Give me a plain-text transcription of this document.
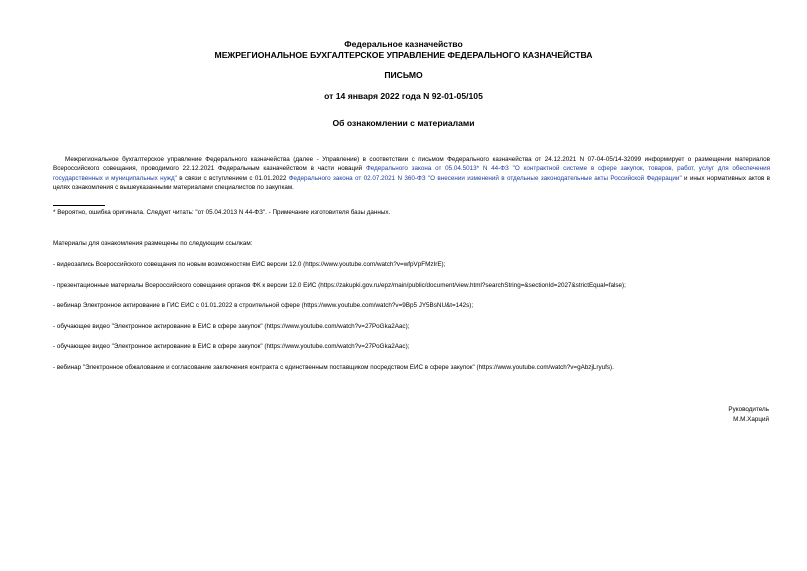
Федеральное казначейство
МЕЖРЕГИОНАЛЬНОЕ БУХГАЛТЕРСКОЕ УПРАВЛЕНИЕ ФЕДЕРАЛЬНОГО КАЗНАЧЕЙСТВА
ПИСЬМО
от 14 января 2022 года N 92-01-05/105
Об ознакомлении с материалами
Межрегиональное бухгалтерское управление Федерального казначейства (далее - Управление) в соответствии с письмом Федерального казначейства от 24.12.2021 N 07-04-05/14-32099 информирует о размещении материалов Всероссийского совещания, проводимого 22.12.2021 Федеральным казначейством в части новаций Федерального закона от 05.04.5013* N 44-ФЗ "О контрактной системе в сфере закупок, товаров, работ, услуг для обеспечения государственных и муниципальных нужд" в связи с вступлением с 01.01.2022 Федерального закона от 02.07.2021 N 360-ФЗ "О внесении изменений в отдельные законодательные акты Российской Федерации" и иных нормативных актов в целях ознакомления с вышеуказанными материалами специалистов по закупкам.
* Вероятно, ошибка оригинала. Следует читать: "от 05.04.2013 N 44-ФЗ". - Примечание изготовителя базы данных.
Материалы для ознакомления размещены по следующим ссылкам:
- видеозапись Всероссийского совещания по новым возможностям ЕИС версии 12.0 (https://www.youtube.com/watch?v=wfpVpFMzIrE);
- презентационные материалы Всероссийского совещания органов ФК к версии 12.0 ЕИС (https://zakupki.gov.ru/epz/main/public/document/view.html?searchString=&sectionId=2027&strictEqual=false);
- вебинар Электронное актирование в ГИС ЕИС с 01.01.2022 в строительной сфере (https://www.youtube.com/watch?v=9Bp5 JY5BsNU&t=142s);
- обучающее видео "Электронное актирование в ЕИС в сфере закупок" (https://www.youtube.com/watch?v=27PoGka2Aac);
- обучающее видео "Электронное актирование в ЕИС в сфере закупок" (https://www.youtube.com/watch?v=27PoGka2Aac);
- вебинар "Электронное обжалование и согласование заключения контракта с единственным поставщиком посредством ЕИС в сфере закупок" (https://www.youtube.com/watch?v=gAbzjLryufs).
Руководитель
М.М.Харций
